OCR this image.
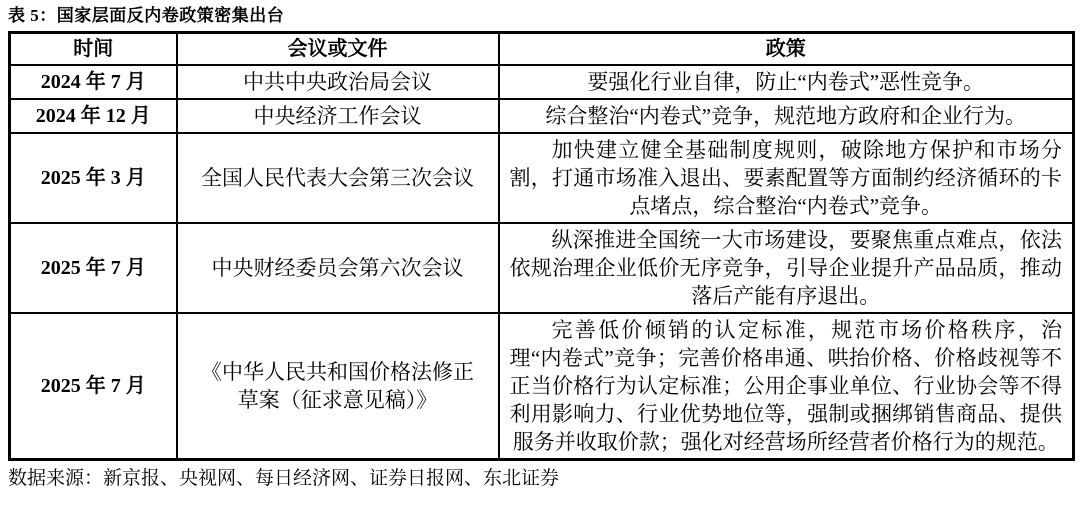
表 5：国家层面反内卷政策密集出台
时间	会议或文件	政策
2024 年 7 月	中共中央政治局会议	要强化行业自律，防止“内卷式”恶性竞争。
2024 年 12 月	中央经济工作会议	综合整治“内卷式”竞争，规范地方政府和企业行为。
2025 年 3 月	全国人民代表大会第三次会议	加快建立健全基础制度规则，破除地方保护和市场分割，打通市场准入退出、要素配置等方面制约经济循环的卡点堵点，综合整治“内卷式”竞争。
2025 年 7 月	中央财经委员会第六次会议	纵深推进全国统一大市场建设，要聚焦重点难点，依法依规治理企业低价无序竞争，引导企业提升产品品质，推动落后产能有序退出。
2025 年 7 月	《中华人民共和国价格法修正草案（征求意见稿）》	完善低价倾销的认定标准，规范市场价格秩序，治理“内卷式”竞争；完善价格串通、哄抬价格、价格歧视等不正当价格行为认定标准；公用企事业单位、行业协会等不得利用影响力、行业优势地位等，强制或捆绑销售商品、提供服务并收取价款；强化对经营场所经营者价格行为的规范。
数据来源：新京报、央视网、每日经济网、证券日报网、东北证券
